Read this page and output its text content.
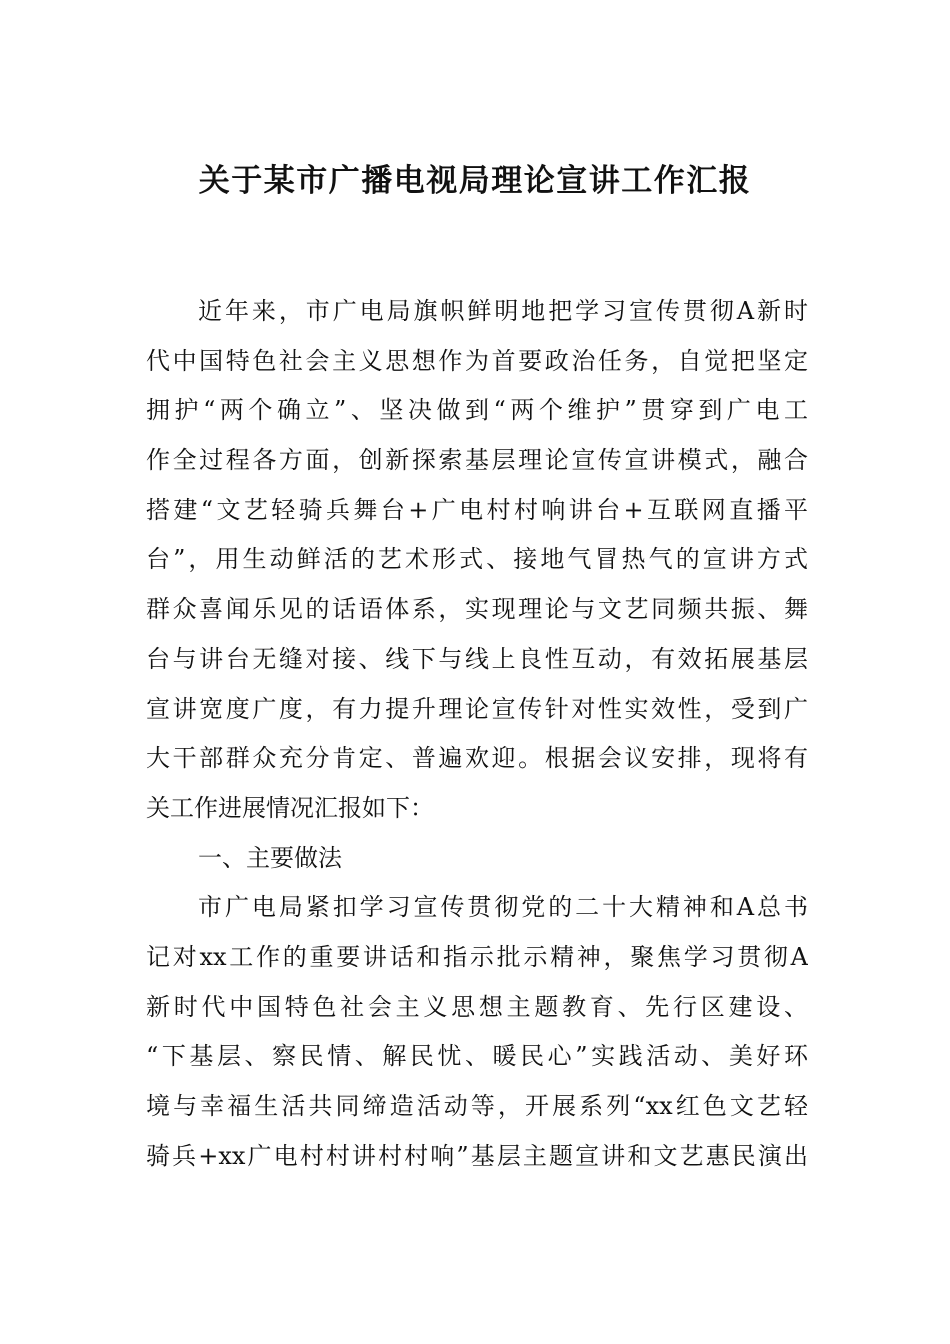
关于某市广播电视局理论宣讲工作汇报
近年来，市广电局旗帜鲜明地把学习宣传贯彻A新时
代中国特色社会主义思想作为首要政治任务，自觉把坚定
拥护“两个确立”、坚决做到“两个维护”贯穿到广电工
作全过程各方面，创新探索基层理论宣传宣讲模式，融合
搭建“文艺轻骑兵舞台+广电村村响讲台+互联网直播平
台”，用生动鲜活的艺术形式、接地气冒热气的宣讲方式
群众喜闻乐见的话语体系，实现理论与文艺同频共振、舞
台与讲台无缝对接、线下与线上良性互动，有效拓展基层
宣讲宽度广度，有力提升理论宣传针对性实效性，受到广
大干部群众充分肯定、普遍欢迎。根据会议安排，现将有
关工作进展情况汇报如下：
一、主要做法
市广电局紧扣学习宣传贯彻党的二十大精神和A总书
记对xx工作的重要讲话和指示批示精神，聚焦学习贯彻A
新时代中国特色社会主义思想主题教育、先行区建设、
“下基层、察民情、解民忧、暖民心”实践活动、美好环
境与幸福生活共同缔造活动等，开展系列“xx红色文艺轻
骑兵+xx广电村村讲村村响”基层主题宣讲和文艺惠民演出
